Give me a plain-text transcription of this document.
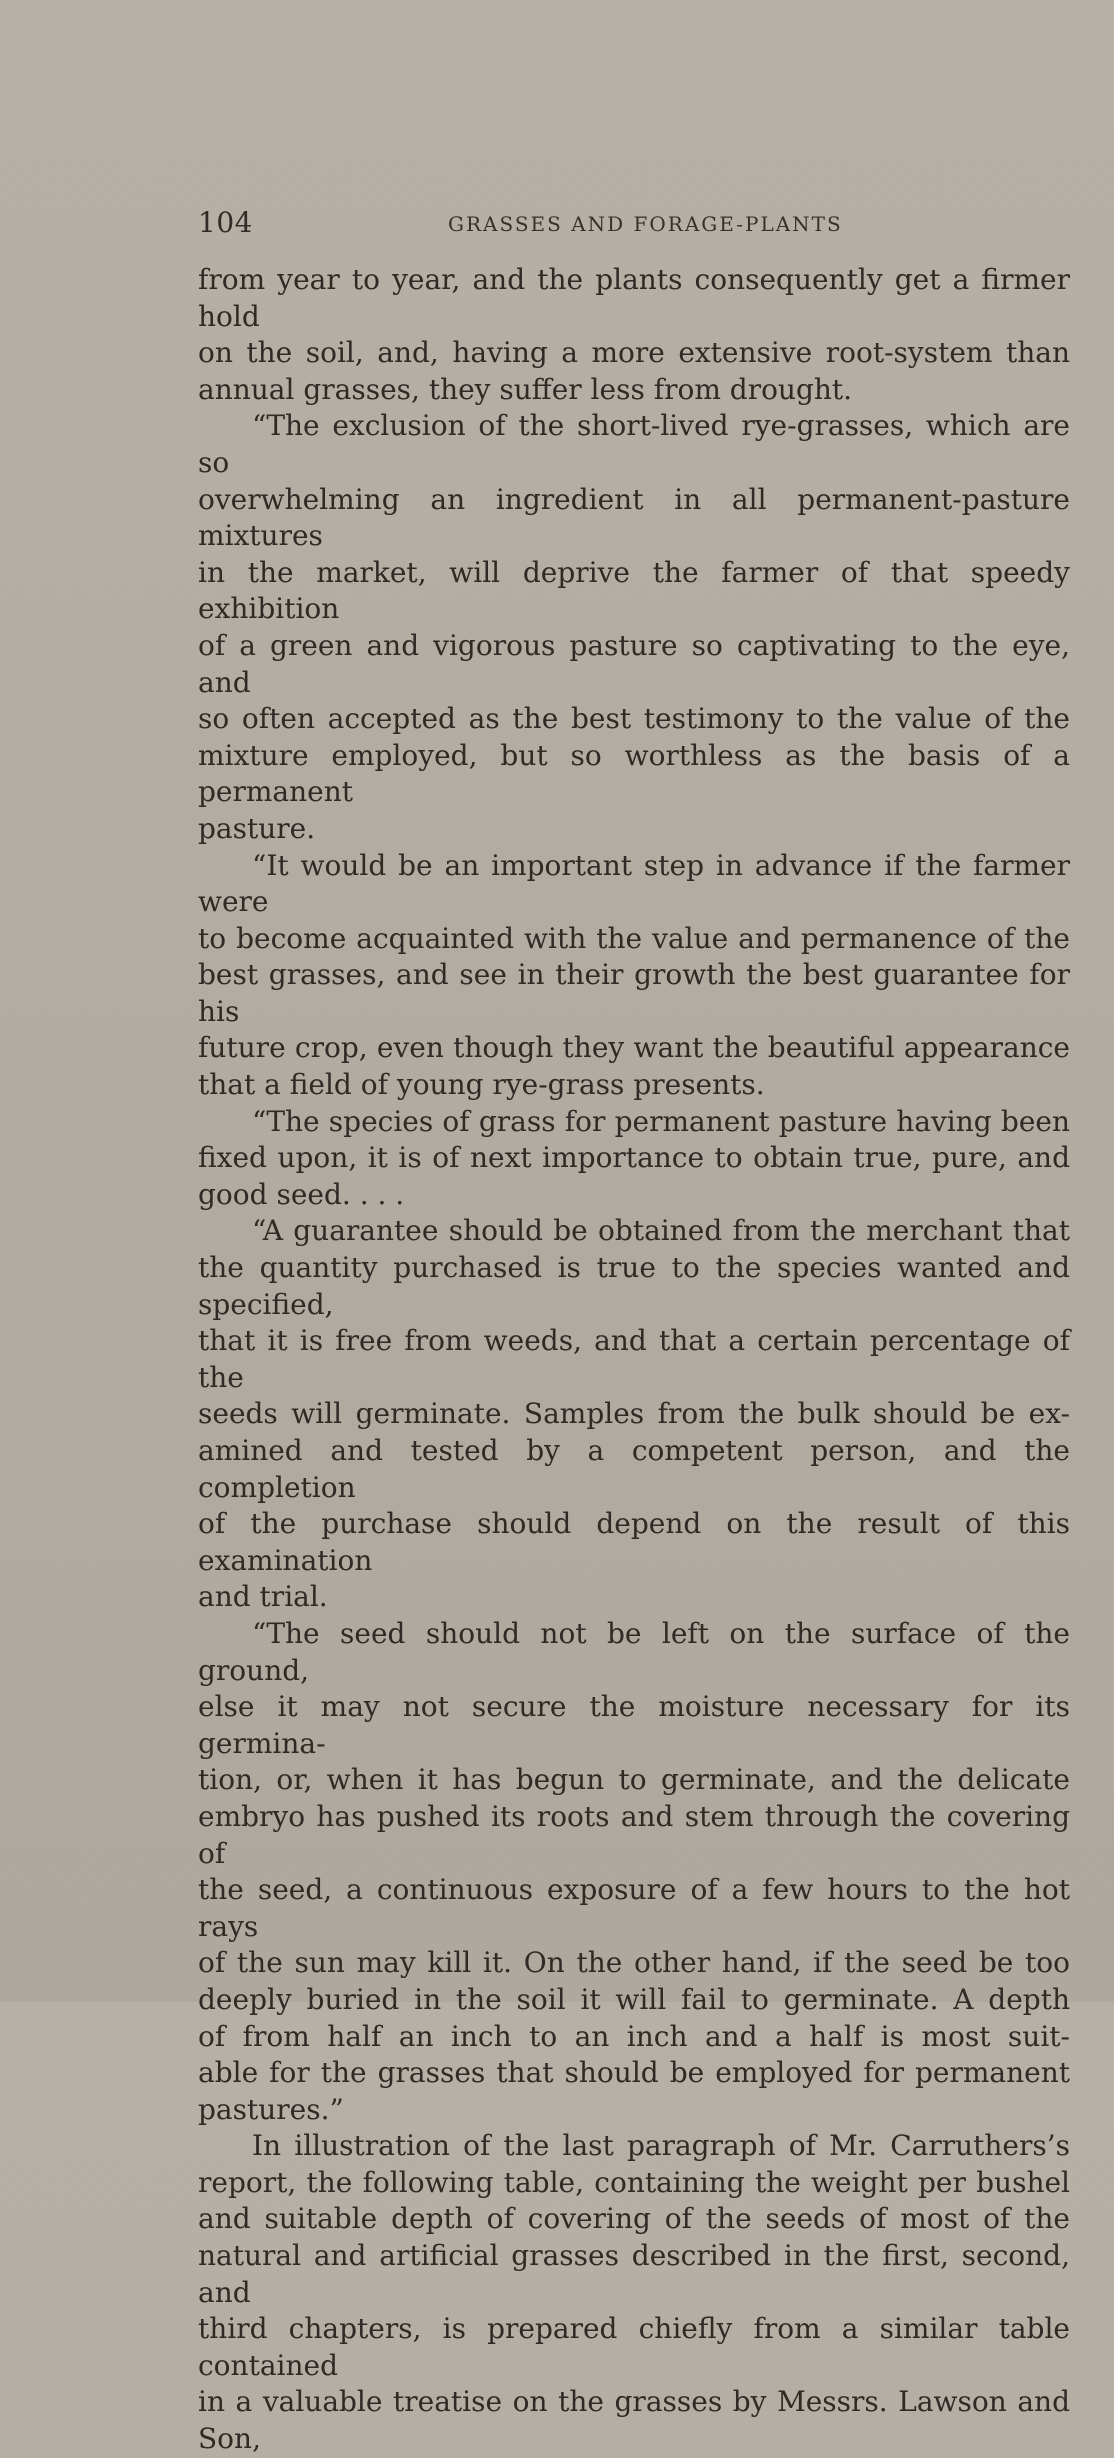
104	GRASSES AND FORAGE-PLANTS

from year to year, and the plants consequently get a firmer hold

on the soil, and, having a more extensive root-system than

annual grasses, they suffer less from drought.

“The exclusion of the short-lived rye-grasses, which are so

overwhelming an ingredient in all permanent-pasture mixtures

in the market, will deprive the farmer of that speedy exhibition

of a green and vigorous pasture so captivating to the eye, and

so often accepted as the best testimony to the value of the

mixture employed, but so worthless as the basis of a permanent

pasture.

“It would be an important step in advance if the farmer were

to become acquainted with the value and permanence of the

best grasses, and see in their growth the best guarantee for his

future crop, even though they want the beautiful appearance

that a field of young rye-grass presents.

“The species of grass for permanent pasture having been

fixed upon, it is of next importance to obtain true, pure, and

good seed. . . .

“A guarantee should be obtained from the merchant that

the quantity purchased is true to the species wanted and specified,

that it is free from weeds, and that a certain percentage of the

seeds will germinate. Samples from the bulk should be ex-

amined and tested by a competent person, and the completion

of the purchase should depend on the result of this examination

and trial.

“The seed should not be left on the surface of the ground,

else it may not secure the moisture necessary for its germina-

tion, or, when it has begun to germinate, and the delicate

embryo has pushed its roots and stem through the covering of

the seed, a continuous exposure of a few hours to the hot rays

of the sun may kill it. On the other hand, if the seed be too

deeply buried in the soil it will fail to germinate. A depth

of from half an inch to an inch and a half is most suit-

able for the grasses that should be employed for permanent

pastures.”

In illustration of the last paragraph of Mr. Carruthers’s

report, the following table, containing the weight per bushel

and suitable depth of covering of the seeds of most of the

natural and artificial grasses described in the first, second, and

third chapters, is prepared chiefly from a similar table contained

in a valuable treatise on the grasses by Messrs. Lawson and Son,
